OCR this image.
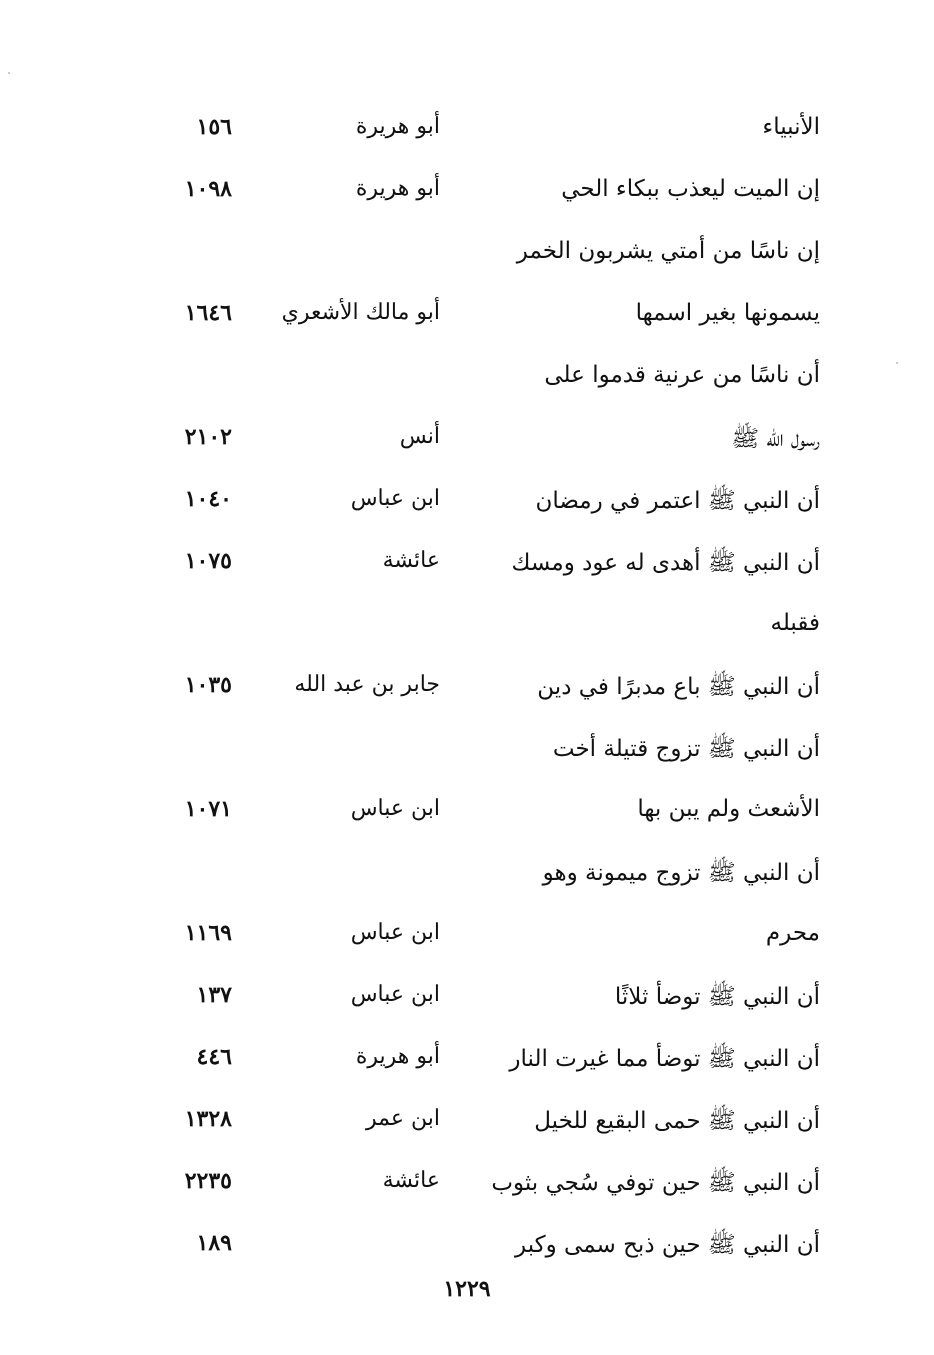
الأنبياء
أبو هريرة
١٥٦
إن الميت ليعذب ببكاء الحي
أبو هريرة
١٠٩٨
إن ناسًا من أمتي يشربون الخمر
يسمونها بغير اسمها
أبو مالك الأشعري
١٦٤٦
أن ناسًا من عرنية قدموا على
رسول الله ﷺ
أنس
٢١٠٢
أن النبي ﷺ اعتمر في رمضان
ابن عباس
١٠٤٠
أن النبي ﷺ أهدى له عود ومسك
عائشة
١٠٧٥
فقبله
أن النبي ﷺ باع مدبرًا في دين
جابر بن عبد الله
١٠٣٥
أن النبي ﷺ تزوج قتيلة أخت
الأشعث ولم يبن بها
ابن عباس
١٠٧١
أن النبي ﷺ تزوج ميمونة وهو
محرم
ابن عباس
١١٦٩
أن النبي ﷺ توضأ ثلاثًا
ابن عباس
١٣٧
أن النبي ﷺ توضأ مما غيرت النار
أبو هريرة
٤٤٦
أن النبي ﷺ حمى البقيع للخيل
ابن عمر
١٣٢٨
أن النبي ﷺ حين توفي سُجي بثوب
عائشة
٢٢٣٥
أن النبي ﷺ حين ذبح سمى وكبر
١٨٩
١٢٢٩
